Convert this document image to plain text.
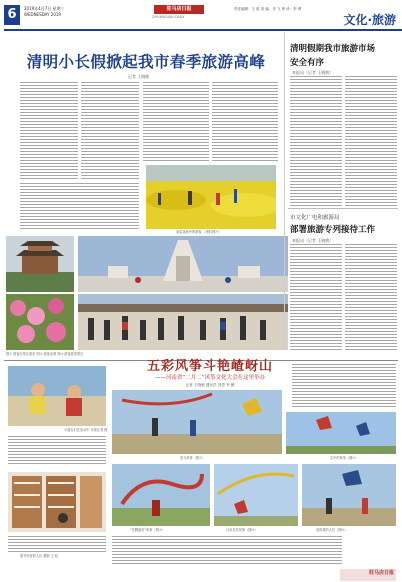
6	2019年4月7日 星期三
WEDNESDAY 2019
驻马店日报
ZHUMADIAN DAILY
责任编辑：王 晗 美 编：齐 飞 审 读：李 勇
文化·旅游
清明小长假掀起我市春季旅游高峰
记者 王晓敏
油菜花海中的游客 （资料图片）
图① 游客在景区游览 图② 游客参观 图③ 游客游览景区
清明假期我市旅游市场
安全有序
本报讯（记者 王晓敏）
市文化广电和旅游局
部署旅游专列接待工作
本报讯（记者 王晓敏）
小朋友们在活动中 本报记者 摄
图书馆里的人们 摄影 王 晗
五彩风筝斗艳嵖岈山
——河南省“二月二”风筝文化大会在这里举办
记者 王晓敏 通讯员 刘思 李 鹏
放飞风筝（图①）	空中的风筝（图②）
“龙腾盛世”风筝（图③）	百米长龙风筝（图④）	放风筝的人们（图⑤）
驻马店日报
